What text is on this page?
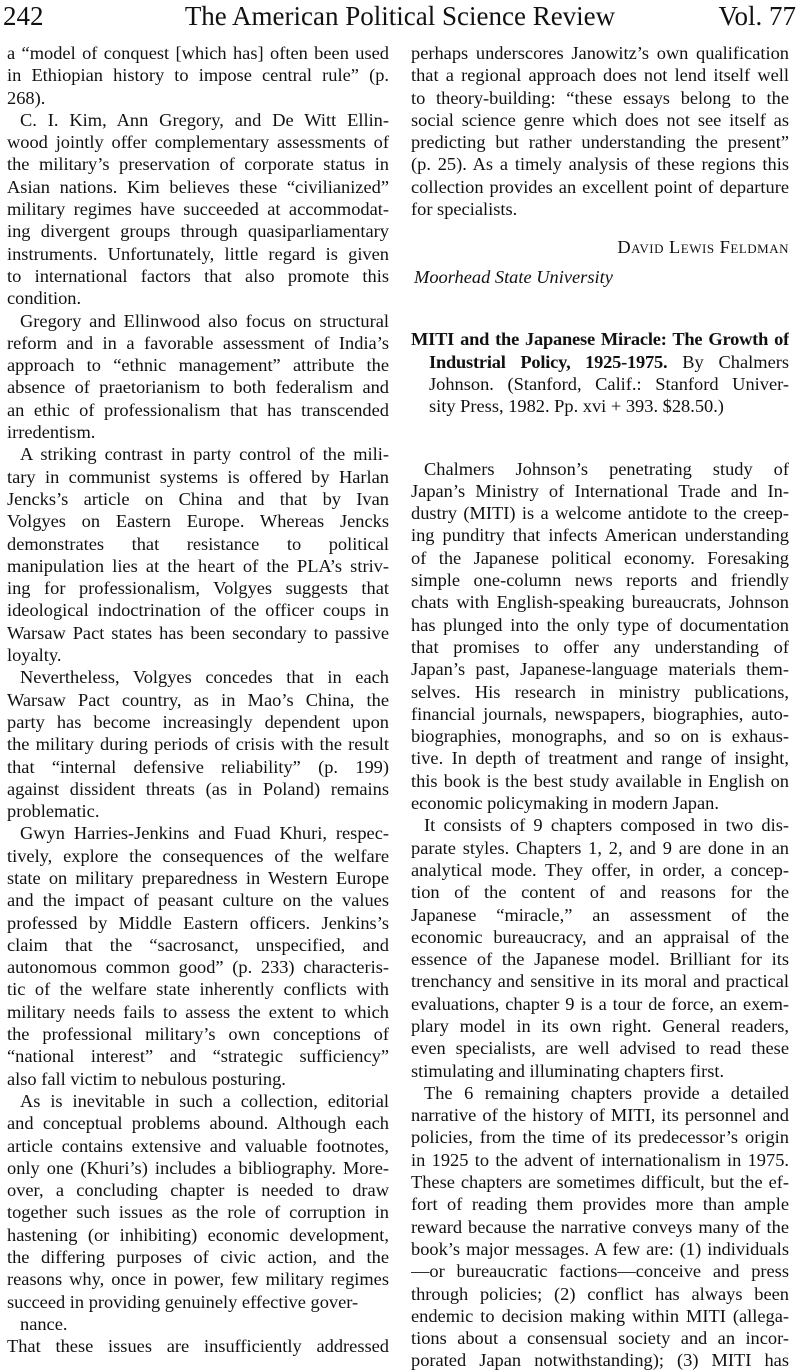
242	The American Political Science Review	Vol. 77
a “model of conquest [which has] often been used
in Ethiopian history to impose central rule” (p.
268).
C. I. Kim, Ann Gregory, and De Witt Ellin-
wood jointly offer complementary assessments of
the military’s preservation of corporate status in
Asian nations. Kim believes these “civilianized”
military regimes have succeeded at accommodat-
ing divergent groups through quasiparliamentary
instruments. Unfortunately, little regard is given
to international factors that also promote this
condition.
Gregory and Ellinwood also focus on structural
reform and in a favorable assessment of India’s
approach to “ethnic management” attribute the
absence of praetorianism to both federalism and
an ethic of professionalism that has transcended
irredentism.
A striking contrast in party control of the mili-
tary in communist systems is offered by Harlan
Jencks’s article on China and that by Ivan
Volgyes on Eastern Europe. Whereas Jencks
demonstrates that resistance to political
manipulation lies at the heart of the PLA’s striv-
ing for professionalism, Volgyes suggests that
ideological indoctrination of the officer coups in
Warsaw Pact states has been secondary to passive
loyalty.
Nevertheless, Volgyes concedes that in each
Warsaw Pact country, as in Mao’s China, the
party has become increasingly dependent upon
the military during periods of crisis with the result
that “internal defensive reliability” (p. 199)
against dissident threats (as in Poland) remains
problematic.
Gwyn Harries-Jenkins and Fuad Khuri, respec-
tively, explore the consequences of the welfare
state on military preparedness in Western Europe
and the impact of peasant culture on the values
professed by Middle Eastern officers. Jenkins’s
claim that the “sacrosanct, unspecified, and
autonomous common good” (p. 233) characteris-
tic of the welfare state inherently conflicts with
military needs fails to assess the extent to which
the professional military’s own conceptions of
“national interest” and “strategic sufficiency”
also fall victim to nebulous posturing.
As is inevitable in such a collection, editorial
and conceptual problems abound. Although each
article contains extensive and valuable footnotes,
only one (Khuri’s) includes a bibliography. More-
over, a concluding chapter is needed to draw
together such issues as the role of corruption in
hastening (or inhibiting) economic development,
the differing purposes of civic action, and the
reasons why, once in power, few military regimes
succeed in providing genuinely effective gover-
nance.
That these issues are insufficiently addressed
perhaps underscores Janowitz’s own qualification
that a regional approach does not lend itself well
to theory-building: “these essays belong to the
social science genre which does not see itself as
predicting but rather understanding the present”
(p. 25). As a timely analysis of these regions this
collection provides an excellent point of departure
for specialists.
David Lewis Feldman
Moorhead State University
MITI and the Japanese Miracle: The Growth of
Industrial Policy, 1925-1975. By Chalmers
Johnson. (Stanford, Calif.: Stanford Univer-
sity Press, 1982. Pp. xvi + 393. $28.50.)
Chalmers Johnson’s penetrating study of
Japan’s Ministry of International Trade and In-
dustry (MITI) is a welcome antidote to the creep-
ing punditry that infects American understanding
of the Japanese political economy. Foresaking
simple one-column news reports and friendly
chats with English-speaking bureaucrats, Johnson
has plunged into the only type of documentation
that promises to offer any understanding of
Japan’s past, Japanese-language materials them-
selves. His research in ministry publications,
financial journals, newspapers, biographies, auto-
biographies, monographs, and so on is exhaus-
tive. In depth of treatment and range of insight,
this book is the best study available in English on
economic policymaking in modern Japan.
It consists of 9 chapters composed in two dis-
parate styles. Chapters 1, 2, and 9 are done in an
analytical mode. They offer, in order, a concep-
tion of the content of and reasons for the
Japanese “miracle,” an assessment of the
economic bureaucracy, and an appraisal of the
essence of the Japanese model. Brilliant for its
trenchancy and sensitive in its moral and practical
evaluations, chapter 9 is a tour de force, an exem-
plary model in its own right. General readers,
even specialists, are well advised to read these
stimulating and illuminating chapters first.
The 6 remaining chapters provide a detailed
narrative of the history of MITI, its personnel and
policies, from the time of its predecessor’s origin
in 1925 to the advent of internationalism in 1975.
These chapters are sometimes difficult, but the ef-
fort of reading them provides more than ample
reward because the narrative conveys many of the
book’s major messages. A few are: (1) individuals
—or bureaucratic factions—conceive and press
through policies; (2) conflict has always been
endemic to decision making within MITI (allega-
tions about a consensual society and an incor-
porated Japan notwithstanding); (3) MITI has
